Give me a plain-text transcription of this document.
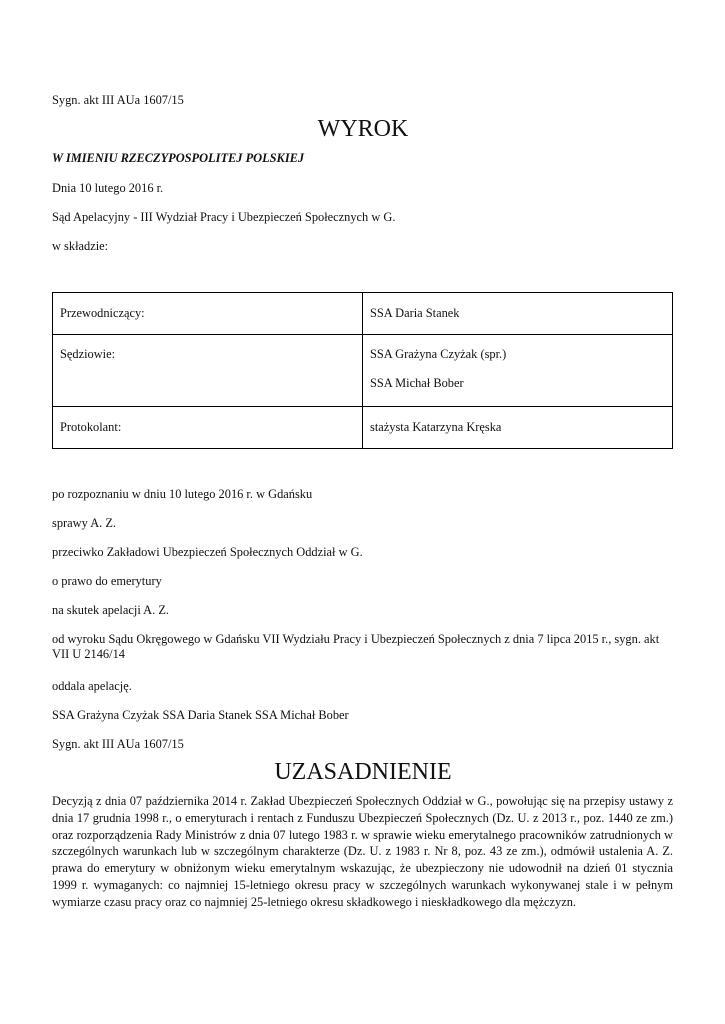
Sygn. akt III AUa 1607/15
WYROK
W IMIENIU RZECZYPOSPOLITEJ POLSKIEJ
Dnia 10 lutego 2016 r.
Sąd Apelacyjny - III Wydział Pracy i Ubezpieczeń Społecznych w G.
w składzie:
Przewodniczący:	SSA Daria Stanek

Sędziowie:	SSA Grażyna Czyżak (spr.)
SSA Michał Bober

Protokolant:	stażysta Katarzyna Kręska
po rozpoznaniu w dniu 10 lutego 2016 r. w Gdańsku
sprawy A. Z.
przeciwko Zakładowi Ubezpieczeń Społecznych Oddział w G.
o prawo do emerytury
na skutek apelacji A. Z.
od wyroku Sądu Okręgowego w Gdańsku VII Wydziału Pracy i Ubezpieczeń Społecznych z dnia 7 lipca 2015 r., sygn. akt VII U 2146/14
oddala apelację.
SSA Grażyna Czyżak SSA Daria Stanek SSA Michał Bober
Sygn. akt III AUa 1607/15
UZASADNIENIE
Decyzją z dnia 07 października 2014 r. Zakład Ubezpieczeń Społecznych Oddział w G., powołując się na przepisy ustawy z dnia 17 grudnia 1998 r., o emeryturach i rentach z Funduszu Ubezpieczeń Społecznych (Dz. U. z 2013 r., poz. 1440 ze zm.) oraz rozporządzenia Rady Ministrów z dnia 07 lutego 1983 r. w sprawie wieku emerytalnego pracowników zatrudnionych w szczególnych warunkach lub w szczególnym charakterze (Dz. U. z 1983 r. Nr 8, poz. 43 ze zm.), odmówił ustalenia A. Z. prawa do emerytury w obniżonym wieku emerytalnym wskazując, że ubezpieczony nie udowodnił na dzień 01 stycznia 1999 r. wymaganych: co najmniej 15-letniego okresu pracy w szczególnych warunkach wykonywanej stale i w pełnym wymiarze czasu pracy oraz co najmniej 25-letniego okresu składkowego i nieskładkowego dla mężczyzn.
